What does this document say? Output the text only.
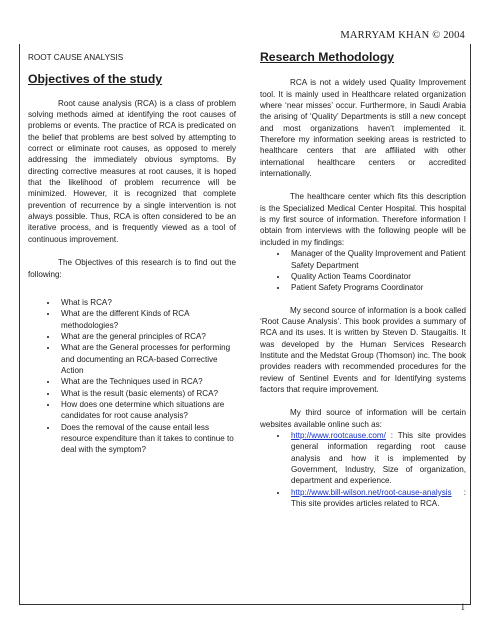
MARRYAM KHAN © 2004
1

ROOT CAUSE ANALYSIS

Objectives of the study

Root cause analysis (RCA) is a class of problem solving methods aimed at identifying the root causes of problems or events. The practice of RCA is predicated on the belief that problems are best solved by attempting to correct or eliminate root causes, as opposed to merely addressing the immediately obvious symptoms. By directing corrective measures at root causes, it is hoped that the likelihood of problem recurrence will be minimized. However, it is recognized that complete prevention of recurrence by a single intervention is not always possible. Thus, RCA is often considered to be an iterative process, and is frequently viewed as a tool of continuous improvement.

The Objectives of this research is to find out the following:

• What is RCA?
• What are the different Kinds of RCA methodologies?
• What are the general principles of RCA?
• What are the General processes for performing and documenting an RCA-based Corrective Action
• What are the Techniques used in RCA?
• What is the result (basic elements) of RCA?
• How does one determine which situations are candidates for root cause analysis?
• Does the removal of the cause entail less resource expenditure than it takes to continue to deal with the symptom?
Research Methodology

RCA is not a widely used Quality Improvement tool. It is mainly used in Healthcare related organization where ‘near misses’ occur. Furthermore, in Saudi Arabia the arising of ‘Quality’ Departments is still a new concept and most organizations haven’t implemented it. Therefore my information seeking areas is restricted to healthcare centers that are affiliated with other international healthcare centers or accredited internationally.

The healthcare center which fits this description is the Specialized Medical Center Hospital. This hospital is my first source of information. Therefore information I obtain from interviews with the following people will be included in my findings:

• Manager of the Quality Improvement and Patient Safety Department
• Quality Action Teams Coordinator
• Patient Safety Programs Coordinator

My second source of information is a book called ‘Root Cause Analysis’. This book provides a summary of RCA and its uses. It is written by Steven D. Staugaitis. It was developed by the Human Services Research Institute and the Medstat Group (Thomson) inc. The book provides readers with recommended procedures for the review of Sentinel Events and for Identifying systems factors that require improvement.

My third source of information will be certain websites available online such as:

• http://www.rootcause.com/ : This site provides general information regarding root cause analysis and how it is implemented by Government, Industry, Size of organization, department and experience.
• http://www.bill-wilson.net/root-cause-analysis : This site provides articles related to RCA.
